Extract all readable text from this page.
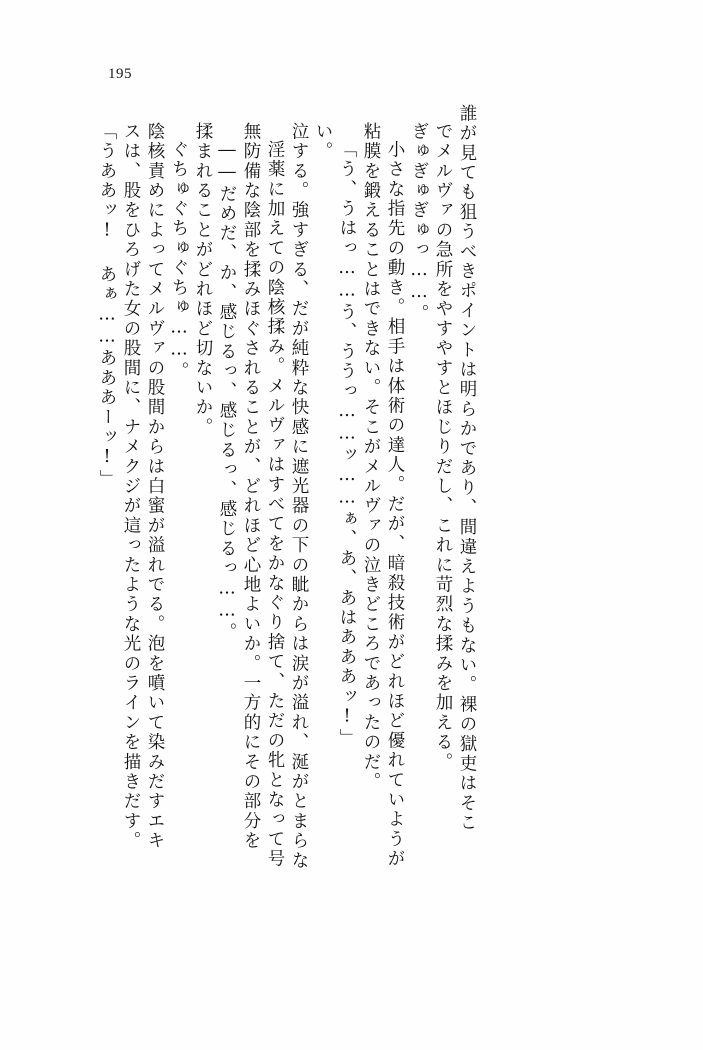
195
「うああッ! あぁ……あああーッ!」 スは、股をひろげた女の股間に、ナメクジが這ったような光のラインを描きだす。 陰核責めによってメルヴァの股間からは白蜜が溢れでる。泡を噴いて染みだすエキ ぐちゅぐちゅぐちゅ……。 揉まれることがどれほど切ないか。 ――だめだ、か、感じるっ、感じるっ、感じるっ……。 無防備な陰部を揉みほぐされることが、どれほど心地よいか。一方的にその部分を 淫薬に加えての陰核揉み。メルヴァはすべてをかなぐり捨て、ただの牝となって号 泣する。強すぎる、だが純粋な快感に遮光器の下の眦からは涙が溢れ、涎がとまらな い。 「う、うはっ……う、ううっ……ッ……ぁ、あ、あはあああッ!」 粘膜を鍛えることはできない。そこがメルヴァの泣きどころであったのだ。 小さな指先の動き。相手は体術の達人。だが、暗殺技術がどれほど優れていようが ぎゅぎゅぎゅっ……。 でメルヴァの急所をやすやすとほじりだし、これに苛烈な揉みを加える。 誰が見ても狙うべきポイントは明らかであり、間違えようもない。裸の獄吏はそこ
